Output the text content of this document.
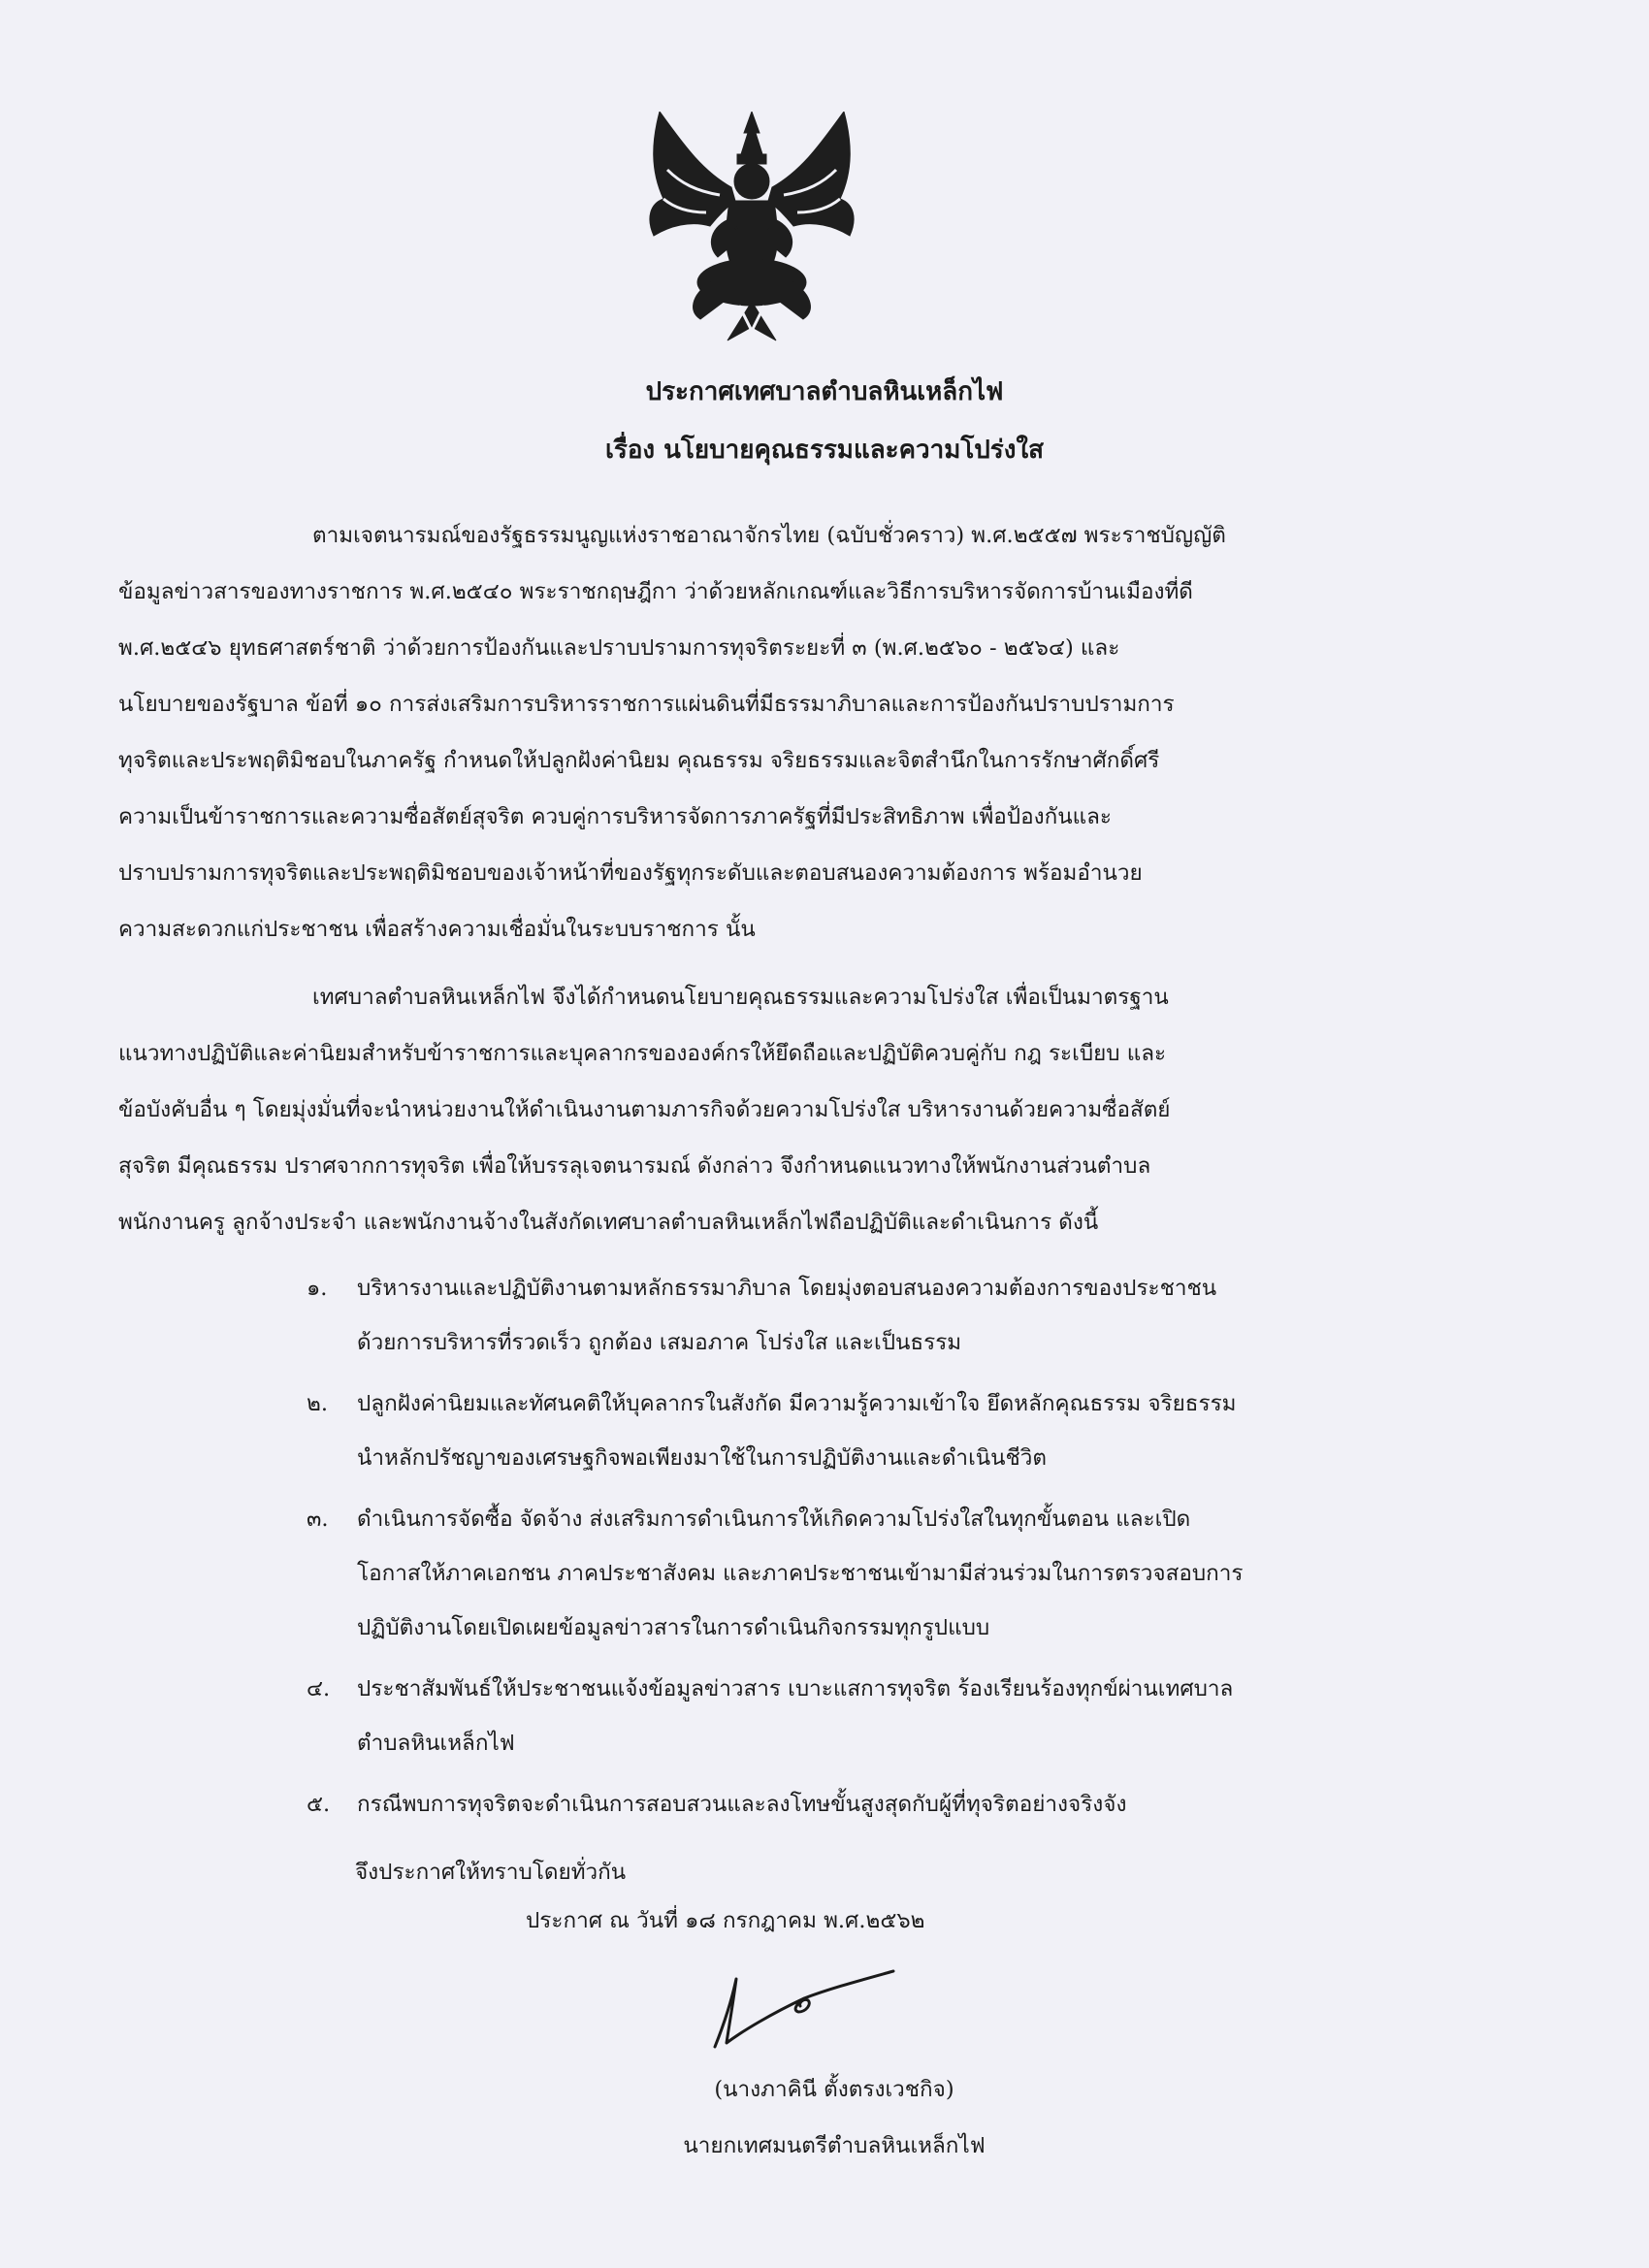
ประกาศเทศบาลตำบลหินเหล็กไฟ
เรื่อง นโยบายคุณธรรมและความโปร่งใส
ตามเจตนารมณ์ของรัฐธรรมนูญแห่งราชอาณาจักรไทย (ฉบับชั่วคราว) พ.ศ.๒๕๕๗ พระราชบัญญัติ
ข้อมูลข่าวสารของทางราชการ พ.ศ.๒๕๔๐ พระราชกฤษฎีกา ว่าด้วยหลักเกณฑ์และวิธีการบริหารจัดการบ้านเมืองที่ดี
พ.ศ.๒๕๔๖ ยุทธศาสตร์ชาติ ว่าด้วยการป้องกันและปราบปรามการทุจริตระยะที่ ๓ (พ.ศ.๒๕๖๐ - ๒๕๖๔) และ
นโยบายของรัฐบาล ข้อที่ ๑๐ การส่งเสริมการบริหารราชการแผ่นดินที่มีธรรมาภิบาลและการป้องกันปราบปรามการ
ทุจริตและประพฤติมิชอบในภาครัฐ กำหนดให้ปลูกฝังค่านิยม คุณธรรม จริยธรรมและจิตสำนึกในการรักษาศักดิ์ศรี
ความเป็นข้าราชการและความซื่อสัตย์สุจริต ควบคู่การบริหารจัดการภาครัฐที่มีประสิทธิภาพ เพื่อป้องกันและ
ปราบปรามการทุจริตและประพฤติมิชอบของเจ้าหน้าที่ของรัฐทุกระดับและตอบสนองความต้องการ พร้อมอำนวย
ความสะดวกแก่ประชาชน เพื่อสร้างความเชื่อมั่นในระบบราชการ นั้น
เทศบาลตำบลหินเหล็กไฟ จึงได้กำหนดนโยบายคุณธรรมและความโปร่งใส เพื่อเป็นมาตรฐาน
แนวทางปฏิบัติและค่านิยมสำหรับข้าราชการและบุคลากรขององค์กรให้ยึดถือและปฏิบัติควบคู่กับ กฎ ระเบียบ และ
ข้อบังคับอื่น ๆ โดยมุ่งมั่นที่จะนำหน่วยงานให้ดำเนินงานตามภารกิจด้วยความโปร่งใส บริหารงานด้วยความซื่อสัตย์
สุจริต มีคุณธรรม ปราศจากการทุจริต เพื่อให้บรรลุเจตนารมณ์ ดังกล่าว จึงกำหนดแนวทางให้พนักงานส่วนตำบล
พนักงานครู ลูกจ้างประจำ และพนักงานจ้างในสังกัดเทศบาลตำบลหินเหล็กไฟถือปฏิบัติและดำเนินการ ดังนี้
๑. บริหารงานและปฏิบัติงานตามหลักธรรมาภิบาล โดยมุ่งตอบสนองความต้องการของประชาชน
ด้วยการบริหารที่รวดเร็ว ถูกต้อง เสมอภาค โปร่งใส และเป็นธรรม
๒. ปลูกฝังค่านิยมและทัศนคติให้บุคลากรในสังกัด มีความรู้ความเข้าใจ ยึดหลักคุณธรรม จริยธรรม
นำหลักปรัชญาของเศรษฐกิจพอเพียงมาใช้ในการปฏิบัติงานและดำเนินชีวิต
๓. ดำเนินการจัดซื้อ จัดจ้าง ส่งเสริมการดำเนินการให้เกิดความโปร่งใสในทุกขั้นตอน และเปิด
โอกาสให้ภาคเอกชน ภาคประชาสังคม และภาคประชาชนเข้ามามีส่วนร่วมในการตรวจสอบการ
ปฏิบัติงานโดยเปิดเผยข้อมูลข่าวสารในการดำเนินกิจกรรมทุกรูปแบบ
๔. ประชาสัมพันธ์ให้ประชาชนแจ้งข้อมูลข่าวสาร เบาะแสการทุจริต ร้องเรียนร้องทุกข์ผ่านเทศบาล
ตำบลหินเหล็กไฟ
๕. กรณีพบการทุจริตจะดำเนินการสอบสวนและลงโทษขั้นสูงสุดกับผู้ที่ทุจริตอย่างจริงจัง
จึงประกาศให้ทราบโดยทั่วกัน
ประกาศ ณ วันที่ ๑๘ กรกฎาคม พ.ศ.๒๕๖๒
(นางภาคินี ตั้งตรงเวชกิจ)
นายกเทศมนตรีตำบลหินเหล็กไฟ
